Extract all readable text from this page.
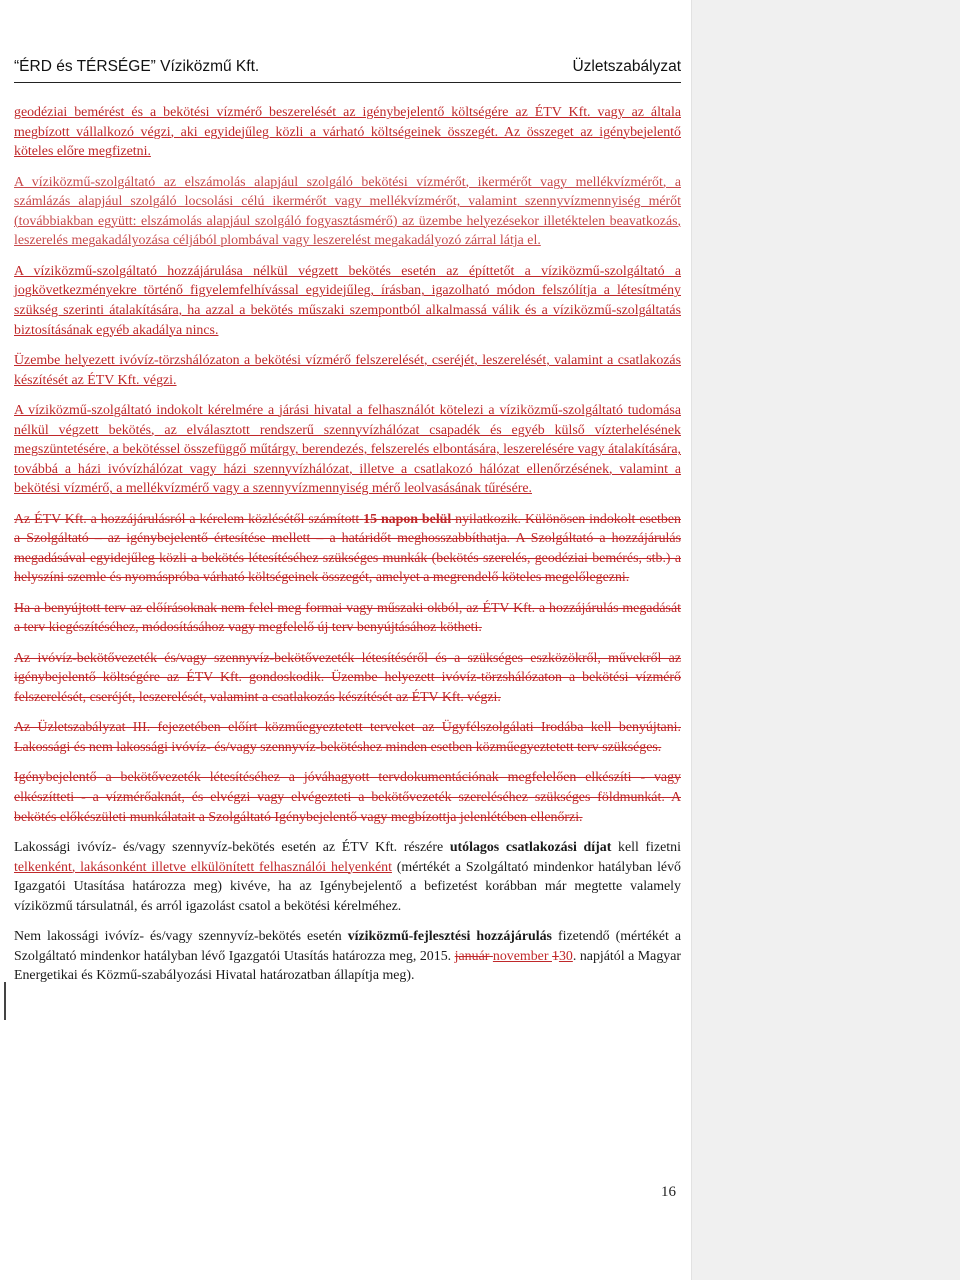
“ÉRD és TÉRSÉGE” Víziközmű Kft.	Üzletszabályzat

geodéziai bemérést és a bekötési vízmérő beszerelését az igénybejelentő költségére az ÉTV Kft. vagy az általa megbízott vállalkozó végzi, aki egyidejűleg közli a várható költségeinek összegét. Az összeget az igénybejelentő köteles előre megfizetni.

A víziközmű-szolgáltató az elszámolás alapjául szolgáló bekötési vízmérőt, ikermérőt vagy mellékvízmérőt, a számlázás alapjául szolgáló locsolási célú ikermérőt vagy mellékvízmérőt, valamint szennyvízmennyiség mérőt (továbbiakban együtt: elszámolás alapjául szolgáló fogyasztásmérő) az üzembe helyezésekor illetéktelen beavatkozás, leszerelés megakadályozása céljából plombával vagy leszerelést megakadályozó zárral látja el.

A víziközmű-szolgáltató hozzájárulása nélkül végzett bekötés esetén az építtetőt a víziközmű-szolgáltató a jogkövetkezményekre történő figyelemfelhívással egyidejűleg, írásban, igazolható módon felszólítja a létesítmény szükség szerinti átalakítására, ha azzal a bekötés műszaki szempontból alkalmassá válik és a víziközmű-szolgáltatás biztosításának egyéb akadálya nincs.

Üzembe helyezett ivóvíz-törzshálózaton a bekötési vízmérő felszerelését, cseréjét, leszerelését, valamint a csatlakozás készítését az ÉTV Kft. végzi.

A víziközmű-szolgáltató indokolt kérelmére a járási hivatal a felhasználót kötelezi a víziközmű-szolgáltató tudomása nélkül végzett bekötés, az elválasztott rendszerű szennyvízhálózat csapadék és egyéb külső vízterhelésének megszüntetésére, a bekötéssel összefüggő műtárgy, berendezés, felszerelés elbontására, leszerelésére vagy átalakítására, továbbá a házi ivóvízhálózat vagy házi szennyvízhálózat, illetve a csatlakozó hálózat ellenőrzésének, valamint a bekötési vízmérő, a mellékvízmérő vagy a szennyvízmennyiség mérő leolvasásának tűrésére.

Az ÉTV Kft. a hozzájárulásról a kérelem közlésétől számított 15 napon belül nyilatkozik. Különösen indokolt esetben a Szolgáltató – az igénybejelentő értesítése mellett – a határidőt meghosszabbíthatja. A Szolgáltató a hozzájárulás megadásával egyidejűleg közli a bekötés létesítéséhez szükséges munkák (bekötés szerelés, geodéziai bemérés, stb.) a helyszíni szemle és nyomáspróba várható költségeinek összegét, amelyet a megrendelő köteles megelőlegezni.

Ha a benyújtott terv az előírásoknak nem felel meg formai vagy műszaki okból, az ÉTV Kft. a hozzájárulás megadását a terv kiegészítéséhez, módosításához vagy megfelelő új terv benyújtásához kötheti.

Az ivóvíz-bekötővezeték és/vagy szennyvíz-bekötővezeték létesítéséről és a szükséges eszközökről, művekről az igénybejelentő költségére az ÉTV Kft. gondoskodik. Üzembe helyezett ivóvíz-törzshálózaton a bekötési vízmérő felszerelését, cseréjét, leszerelését, valamint a csatlakozás készítését az ÉTV Kft. végzi.

Az Üzletszabályzat III. fejezetében előírt közműegyeztetett terveket az Ügyfélszolgálati Irodába kell benyújtani. Lakossági és nem lakossági ivóvíz- és/vagy szennyvíz-bekötéshez minden esetben közműegyeztetett terv szükséges.

Igénybejelentő a bekötővezeték létesítéséhez a jóváhagyott tervdokumentációnak megfelelően elkészíti - vagy elkészítteti - a vízmérőaknát, és elvégzi vagy elvégezteti a bekötővezeték szereléséhez szükséges földmunkát. A bekötés előkészületi munkálatait a Szolgáltató Igénybejelentő vagy megbízottja jelenlétében ellenőrzi.

Lakossági ivóvíz- és/vagy szennyvíz-bekötés esetén az ÉTV Kft. részére utólagos csatlakozási díjat kell fizetni telkenként, lakásonként illetve elkülönített felhasználói helyenként (mértékét a Szolgáltató mindenkor hatályban lévő Igazgatói Utasítása határozza meg) kivéve, ha az Igénybejelentő a befizetést korábban már megtette valamely víziközmű társulatnál, és arról igazolást csatol a bekötési kérelméhez.

Nem lakossági ivóvíz- és/vagy szennyvíz-bekötés esetén víziközmű-fejlesztési hozzájárulás fizetendő (mértékét a Szolgáltató mindenkor hatályban lévő Igazgatói Utasítás határozza meg, 2015. január november 130. napjától a Magyar Energetikai és Közmű-szabályozási Hivatal határozatban állapítja meg).

16
